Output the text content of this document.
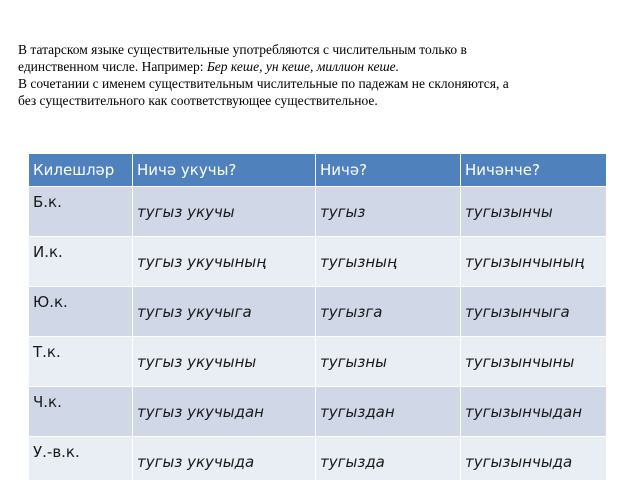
В татарском языке существительные употребляются с числительным только в

единственном числе. Например: Бер кеше, ун кеше, миллион кеше.

В сочетании с именем существительным числительные по падежам не склоняются, а

без существительного как соответствующее существительное.

Килешләр	Ничә укучы?	Ничә?	Ничәнче?
Б.к.	тугыз укучы	тугыз	тугызынчы
И.к.	тугыз укучының	тугызның	тугызынчының
Ю.к.	тугыз укучыга	тугызга	тугызынчыга
Т.к.	тугыз укучыны	тугызны	тугызынчыны
Ч.к.	тугыз укучыдан	тугыздан	тугызынчыдан
У.-в.к.	тугыз укучыда	тугызда	тугызынчыда
